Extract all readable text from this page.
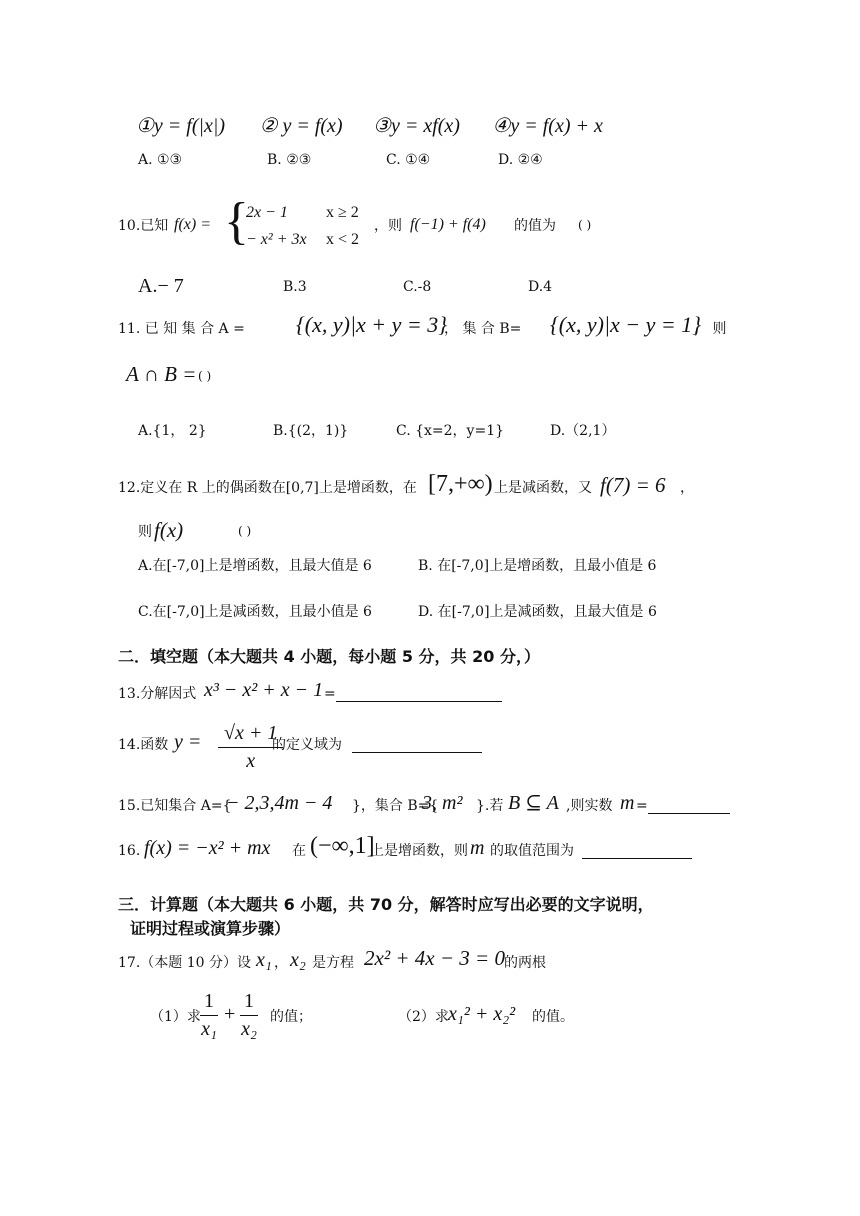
①y = f(|x|) ② y = f(x) ③y = xf(x) ④y = f(x) + x
A. ①③	B. ②③	C. ①④	D. ②④
10.已知 f(x) = {
2x − 1 x ≥ 2
− x² + 3x x < 2
，则 f(−1) + f(4) 的值为 ( )
A.− 7	B.3	C.-8	D.4
11. 已 知 集 合 A = {(x, y)|x + y = 3}
， 集 合 B= {(x, y)|x − y = 1}
， 则
A ∩ B = ( )
A.{1， 2}	B.{(2，1)}	C. {x=2，y=1}	D.（2,1）
12.定义在 R 上的偶函数在[0,7]上是增函数，在 [7,+∞) 上是减函数，又 f(7) = 6 ，
则 f(x)	( )
A.在[-7,0]上是增函数，且最大值是 6	B. 在[-7,0]上是增函数，且最小值是 6
C.在[-7,0]上是减函数，且最小值是 6	D. 在[-7,0]上是减函数，且最大值是 6
二．填空题（本大题共 4 小题，每小题 5 分，共 20 分，）
13.分解因式 x³ − x² + x − 1 =
14.函数 $y = \frac{√x + 1}{x}$
的定义域为
15.已知集合 A={
− 2,3,4m − 4 }，集合 B={
3, m² }.若 B ⊆ A ,则实数 m =
16. f(x) = −x² + mx 在 (−∞,1]
上是增函数，则 m 的取值范围为
三．计算题（本大题共 6 小题，共 70 分，解答时应写出必要的文字说明，
证明过程或演算步骤）
17.（本题 10 分）设 x₁ ， x₂ 是方程 2x² + 4x − 3 = 0 的两根
（1）求 $\frac{1}{\text{x₁}} + \frac{1}{\text{x₂}}$ 的值；	（2）求 x₁² + x₂² 的值。
